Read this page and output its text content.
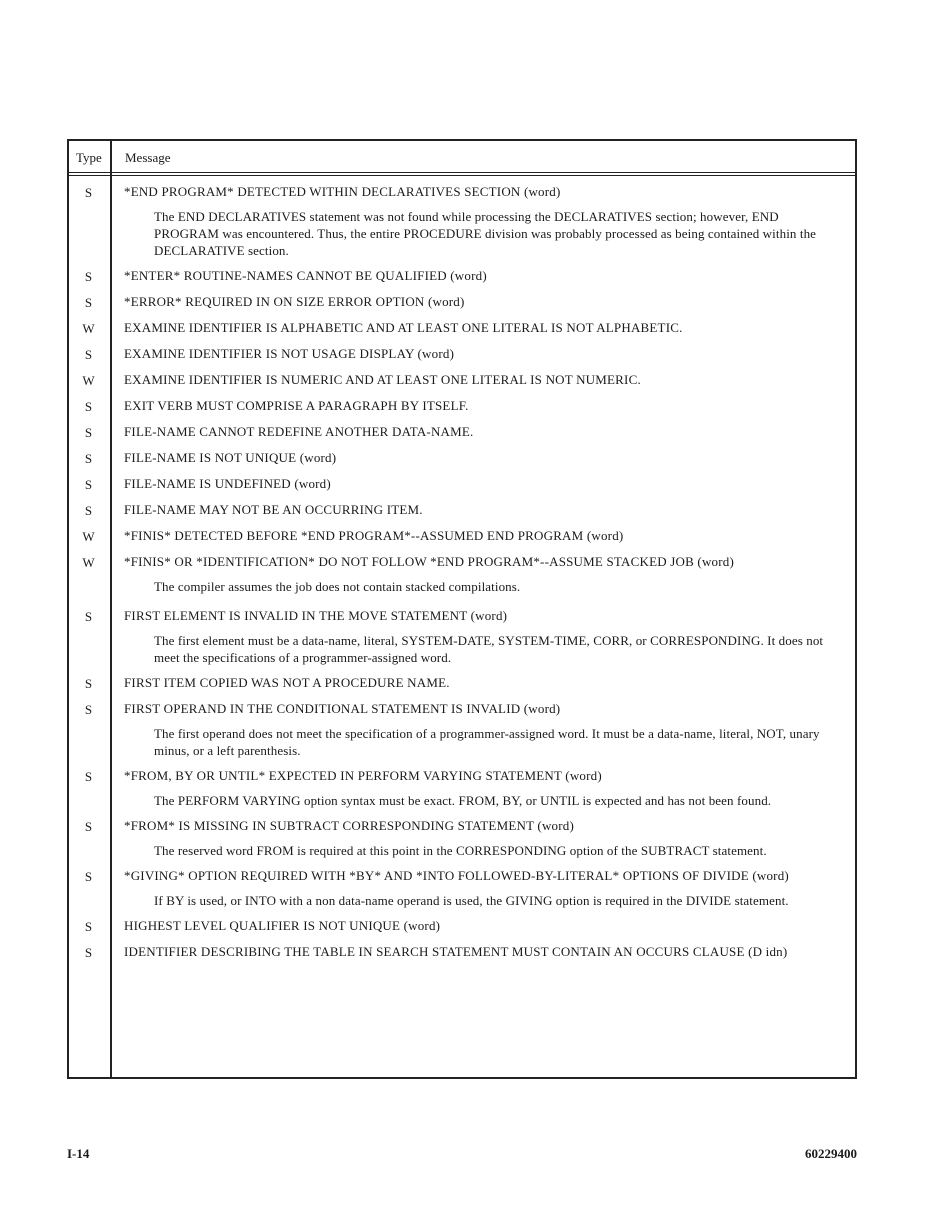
Type Message
S	*END PROGRAM* DETECTED WITHIN DECLARATIVES SECTION (word)
The END DECLARATIVES statement was not found while processing the DECLARATIVES section; however, END PROGRAM was encountered. Thus, the entire PROCEDURE division was probably processed as being contained within the DECLARATIVE section.
S	*ENTER* ROUTINE-NAMES CANNOT BE QUALIFIED (word)
S	*ERROR* REQUIRED IN ON SIZE ERROR OPTION (word)
W	EXAMINE IDENTIFIER IS ALPHABETIC AND AT LEAST ONE LITERAL IS NOT ALPHABETIC.
S	EXAMINE IDENTIFIER IS NOT USAGE DISPLAY (word)
W	EXAMINE IDENTIFIER IS NUMERIC AND AT LEAST ONE LITERAL IS NOT NUMERIC.
S	EXIT VERB MUST COMPRISE A PARAGRAPH BY ITSELF.
S	FILE-NAME CANNOT REDEFINE ANOTHER DATA-NAME.
S	FILE-NAME IS NOT UNIQUE (word)
S	FILE-NAME IS UNDEFINED (word)
S	FILE-NAME MAY NOT BE AN OCCURRING ITEM.
W	*FINIS* DETECTED BEFORE *END PROGRAM*--ASSUMED END PROGRAM (word)
W	*FINIS* OR *IDENTIFICATION* DO NOT FOLLOW *END PROGRAM*--ASSUME STACKED JOB (word)
The compiler assumes the job does not contain stacked compilations.
S	FIRST ELEMENT IS INVALID IN THE MOVE STATEMENT (word)
The first element must be a data-name, literal, SYSTEM-DATE, SYSTEM-TIME, CORR, or CORRESPONDING. It does not meet the specifications of a programmer-assigned word.
S	FIRST ITEM COPIED WAS NOT A PROCEDURE NAME.
S	FIRST OPERAND IN THE CONDITIONAL STATEMENT IS INVALID (word)
The first operand does not meet the specification of a programmer-assigned word. It must be a data-name, literal, NOT, unary minus, or a left parenthesis.
S	*FROM, BY OR UNTIL* EXPECTED IN PERFORM VARYING STATEMENT (word)
The PERFORM VARYING option syntax must be exact. FROM, BY, or UNTIL is expected and has not been found.
S	*FROM* IS MISSING IN SUBTRACT CORRESPONDING STATEMENT (word)
The reserved word FROM is required at this point in the CORRESPONDING option of the SUBTRACT statement.
S	*GIVING* OPTION REQUIRED WITH *BY* AND *INTO FOLLOWED-BY-LITERAL* OPTIONS OF DIVIDE (word)
If BY is used, or INTO with a non data-name operand is used, the GIVING option is required in the DIVIDE statement.
S	HIGHEST LEVEL QUALIFIER IS NOT UNIQUE (word)
S	IDENTIFIER DESCRIBING THE TABLE IN SEARCH STATEMENT MUST CONTAIN AN OCCURS CLAUSE (D idn)
I-14	60229400
